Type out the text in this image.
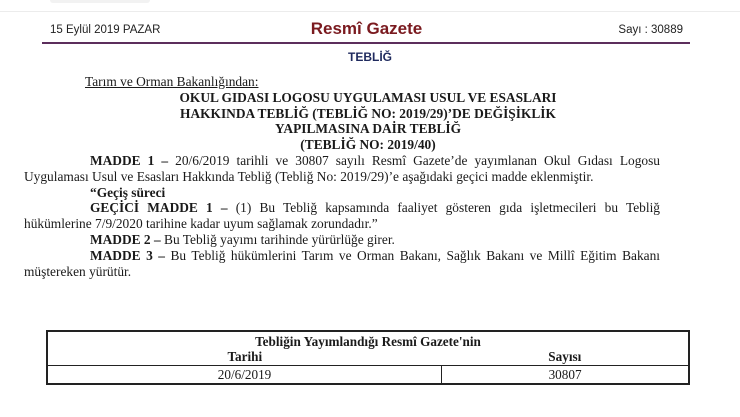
15 Eylül 2019 PAZAR	Resmî Gazete	Sayı : 30889
TEBLİĞ
Tarım ve Orman Bakanlığından:
OKUL GIDASI LOGOSU UYGULAMASI USUL VE ESASLARI
HAKKINDA TEBLİĞ (TEBLİĞ NO: 2019/29)’DE DEĞİŞİKLİK
YAPILMASINA DAİR TEBLİĞ
(TEBLİĞ NO: 2019/40)

MADDE 1 – 20/6/2019 tarihli ve 30807 sayılı Resmî Gazete’de yayımlanan Okul Gıdası Logosu Uygulaması Usul ve Esasları Hakkında Tebliğ (Tebliğ No: 2019/29)’e aşağıdaki geçici madde eklenmiştir.

“Geçiş süreci

GEÇİCİ MADDE 1 – (1) Bu Tebliğ kapsamında faaliyet gösteren gıda işletmecileri bu Tebliğ hükümlerine 7/9/2020 tarihine kadar uyum sağlamak zorundadır.”

MADDE 2 – Bu Tebliğ yayımı tarihinde yürürlüğe girer.

MADDE 3 – Bu Tebliğ hükümlerini Tarım ve Orman Bakanı, Sağlık Bakanı ve Millî Eğitim Bakanı müştereken yürütür.

Tebliğin Yayımlandığı Resmî Gazete'nin	
Tarihi	Sayısı
20/6/2019	30807
